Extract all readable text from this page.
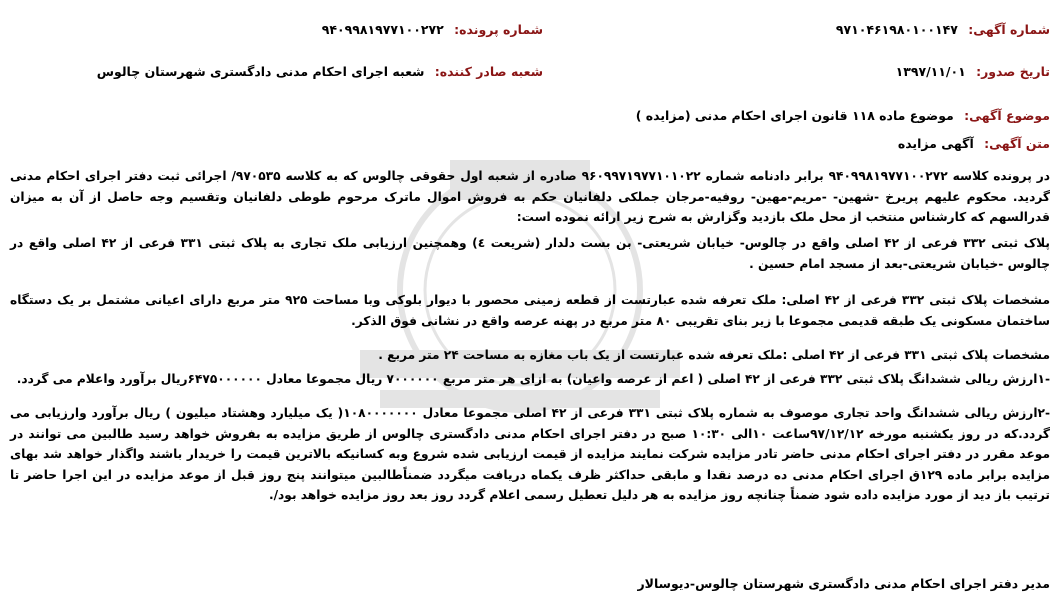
شماره آگهی: ۹۷۱۰۴۶۱۹۸۰۱۰۰۱۴۷
شماره پرونده: ۹۴۰۹۹۸۱۹۷۷۱۰۰۲۷۲
تاریخ صدور: ۱۳۹۷/۱۱/۰۱
شعبه صادر کننده: شعبه اجرای احکام مدنی دادگستری شهرستان چالوس
موضوع آگهی: موضوع ماده ۱۱۸ قانون اجرای احکام مدنی (مزایده )
متن آگهی: آگهی مزایده
در پرونده کلاسه ۹۴۰۹۹۸۱۹۷۷۱۰۰۲۷۲ برابر دادنامه شماره ۹۶۰۹۹۷۱۹۷۷۱۰۱۰۲۲ صادره از شعبه اول حقوقی چالوس که به کلاسه ۹۷۰۵۳۵/ اجرائی ثبت دفتر اجرای احکام مدنی گردید. محکوم علیهم پریرخ -شهین- -مریم-مهین- روفیه-مرجان جملکی دلفانیان حکم به فروش اموال ماترک مرحوم طوطی دلفانیان وتقسیم وجه حاصل از آن به میزان قدرالسهم که کارشناس منتخب از محل ملک بازدید وگزارش به شرح زیر ارائه نموده است:
پلاک ثبتی ۳۳۲ فرعی از ۴۲ اصلی واقع در چالوس- خیابان شریعتی- بن بست دلدار (شریعت ٤) وهمچنین ارزیابی ملک تجاری به پلاک ثبتی ۳۳۱ فرعی از ۴۲ اصلی واقع در چالوس -خیابان شریعتی-بعد از مسجد امام حسین .
مشخصات پلاک ثبتی ۳۳۲ فرعی از ۴۲ اصلی: ملک تعرفه شده عبارتست از قطعه زمینی محصور با دیوار بلوکی وبا مساحت ۹۲۵ متر مربع دارای اعیانی مشتمل بر یک دستگاه ساختمان مسکونی یک طبقه قدیمی مجموعا با زیر بنای تقریبی ۸۰ متر مربع در پهنه عرصه واقع در نشانی فوق الذکر.
مشخصات پلاک ثبتی ۳۳۱ فرعی از ۴۲ اصلی :ملک تعرفه شده عبارتست از یک باب مغازه به مساحت ۲۴ متر مربع .
-۱ارزش ریالی ششدانگ پلاک ثبتی ۳۳۲ فرعی از ۴۲ اصلی ( اعم از عرصه واعیان) به ازای هر متر مربع ۷۰۰۰۰۰۰ ریال مجموعا معادل ۶۴۷۵۰۰۰۰۰۰ریال برآورد واعلام می گردد.
-۲ارزش ریالی ششدانگ واحد تجاری موصوف به شماره پلاک ثبتی ۳۳۱ فرعی از ۴۲ اصلی مجموعا معادل ۱۰۸۰۰۰۰۰۰۰( یک میلیارد وهشتاد میلیون ) ریال برآورد وارزیابی می گردد.که در روز یکشنبه مورخه ۹۷/۱۲/۱۲ساعت ۱۰الی ۱۰:۳۰ صبح در دفتر اجرای احکام مدنی دادگستری چالوس از طریق مزایده به بفروش خواهد رسید طالبین می توانند در موعد مقرر در دفتر اجرای احکام مدنی حاضر تادر مزایده شرکت نمایند مزایده از قیمت ارزیابی شده شروع وبه کسانیکه بالاترین قیمت را خریدار باشند واگذار خواهد شد بهای مزایده برابر ماده ۱۲۹ق اجرای احکام مدنی ده درصد نقدا و مابقی حداکثر ظرف یکماه دریافت میگردد ضمناًطالبین میتوانند پنج روز قبل از موعد مزایده در این اجرا حاضر تا ترتیب باز دید از مورد مزایده داده شود ضمناً چنانچه روز مزایده به هر دلیل تعطیل رسمی اعلام گردد روز بعد روز مزایده خواهد بود/.
مدیر دفتر اجرای احکام مدنی دادگستری شهرستان چالوس-دیوسالار
